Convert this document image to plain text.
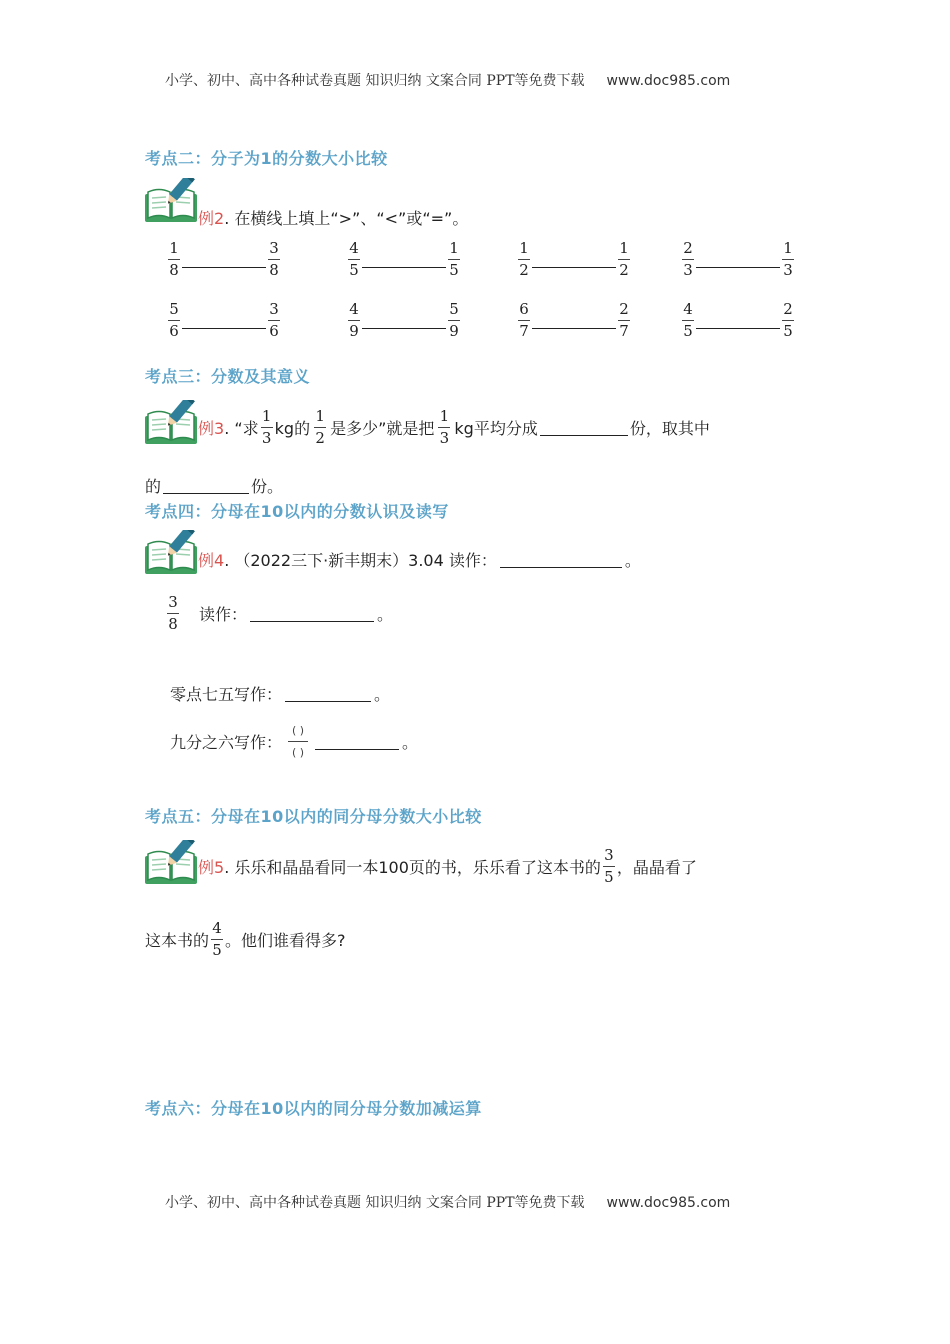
小学、初中、高中各种试卷真题 知识归纳 文案合同 PPT等免费下载 www.doc985.com
考点二：分子为1的分数大小比较
例2. 在横线上填上“>”、“<”或“=”。
$\frac{1}{8}$	$\frac{3}{8}$	$\frac{4}{5}$	$\frac{1}{5}$	$\frac{1}{2}$	$\frac{1}{2}$	$\frac{2}{3}$	$\frac{1}{3}$
$\frac{5}{6}$	$\frac{3}{6}$	$\frac{4}{9}$	$\frac{5}{9}$	$\frac{6}{7}$	$\frac{2}{7}$	$\frac{4}{5}$	$\frac{2}{5}$
考点三：分数及其意义
例3 . “求 $\frac{1}{3}$ kg的 $\frac{1}{2}$ 是多少”就是把 $\frac{1}{3}$ kg平均分成	份，取其中
的	份。
考点四：分母在10以内的分数认识及读写
例4 . （2022三下·新丰期末）3.04 读作：	。
$\frac{3}{8}$ 读作：	。
零点七五写作：	。
九分之六写作： $\frac{( )}{( )}$	。
考点五：分母在10以内的同分母分数大小比较
例5 . 乐乐和晶晶看同一本100页的书，乐乐看了这本书的 $\frac{3}{5}$ ，晶晶看了
这本书的 $\frac{4}{5}$ 。他们谁看得多?
考点六：分母在10以内的同分母分数加减运算
小学、初中、高中各种试卷真题 知识归纳 文案合同 PPT等免费下载 www.doc985.com
